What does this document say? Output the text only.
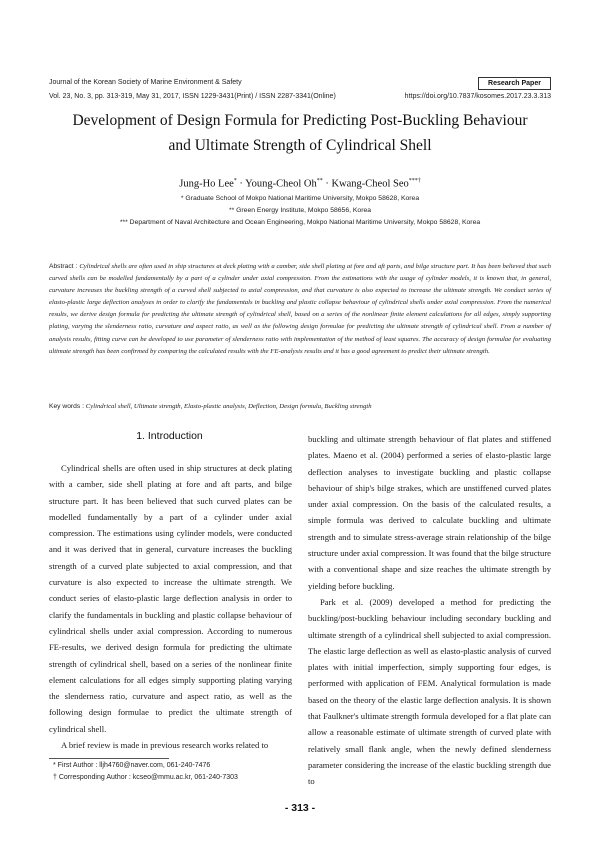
Journal of the Korean Society of Marine Environment & Safety
Vol. 23, No. 3, pp. 313-319, May 31, 2017, ISSN 1229-3431(Print) / ISSN 2287-3341(Online)	https://doi.org/10.7837/kosomes.2017.23.3.313
Research Paper
Development of Design Formula for Predicting Post-Buckling Behaviour
and Ultimate Strength of Cylindrical Shell
Jung-Ho Lee* · Young-Cheol Oh** · Kwang-Cheol Seo***†
* Graduate School of Mokpo National Maritime University, Mokpo 58628, Korea
** Green Energy Institute, Mokpo 58656, Korea
*** Department of Naval Architecture and Ocean Engineering, Mokpo National Maritime University, Mokpo 58628, Korea
Abstract : Cylindrical shells are often used in ship structures at deck plating with a camber, side shell plating at fore and aft parts, and bilge structure part. It has been believed that such curved shells can be modelled fundamentally by a part of a cylinder under axial compression. From the estimations with the usage of cylinder models, it is known that, in general, curvature increases the buckling strength of a curved shell subjected to axial compression, and that curvature is also expected to increase the ultimate strength. We conduct series of elasto-plastic large deflection analyses in order to clarify the fundamentals in buckling and plastic collapse behaviour of cylindrical shells under axial compression. From the numerical results, we derive design formula for predicting the ultimate strength of cylindrical shell, based on a series of the nonlinear finite element calculations for all edges, simply supporting plating, varying the slenderness ratio, curvature and aspect ratio, as well as the following design formulae for predicting the ultimate strength of cylindrical shell. From a number of analysis results, fitting curve can be developed to use parameter of slenderness ratio with implementation of the method of least squares. The accuracy of design formulae for evaluating ultimate strength has been confirmed by comparing the calculated results with the FE-analysis results and it has a good agreement to predict their ultimate strength.
Key words : Cylindrical shell, Ultimate strength, Elasto-plastic analysis, Deflection, Design formula, Buckling strength
1. Introduction

Cylindrical shells are often used in ship structures at deck plating with a camber, side shell plating at fore and aft parts, and bilge structure part. It has been believed that such curved plates can be modelled fundamentally by a part of a cylinder under axial compression. The estimations using cylinder models, were conducted and it was derived that in general, curvature increases the buckling strength of a curved plate subjected to axial compression, and that curvature is also expected to increase the ultimate strength. We conduct series of elasto-plastic large deflection analysis in order to clarify the fundamentals in buckling and plastic collapse behaviour of cylindrical shells under axial compression. According to numerous FE-results, we derived design formula for predicting the ultimate strength of cylindrical shell, based on a series of the nonlinear finite element calculations for all edges simply supporting plating varying the slenderness ratio, curvature and aspect ratio, as well as the following design formulae to predict the ultimate strength of cylindrical shell.

A brief review is made in previous research works related to

buckling and ultimate strength behaviour of flat plates and stiffened plates. Maeno et al. (2004) performed a series of elasto-plastic large deflection analyses to investigate buckling and plastic collapse behaviour of ship's bilge strakes, which are unstiffened curved plates under axial compression. On the basis of the calculated results, a simple formula was derived to calculate buckling and ultimate strength and to simulate stress-average strain relationship of the bilge structure under axial compression. It was found that the bilge structure with a conventional shape and size reaches the ultimate strength by yielding before buckling.

Park et al. (2009) developed a method for predicting the buckling/post-buckling behaviour including secondary buckling and ultimate strength of a cylindrical shell subjected to axial compression. The elastic large deflection as well as elasto-plastic analysis of curved plates with initial imperfection, simply supporting four edges, is performed with application of FEM. Analytical formulation is made based on the theory of the elastic large deflection analysis. It is shown that Faulkner's ultimate strength formula developed for a flat plate can allow a reasonable estimate of ultimate strength of curved plate with relatively small flank angle, when the newly defined slenderness parameter considering the increase of the elastic buckling strength due to

* First Author : lljh4760@naver.com, 061-240-7476
† Corresponding Author : kcseo@mmu.ac.kr, 061-240-7303
- 313 -
